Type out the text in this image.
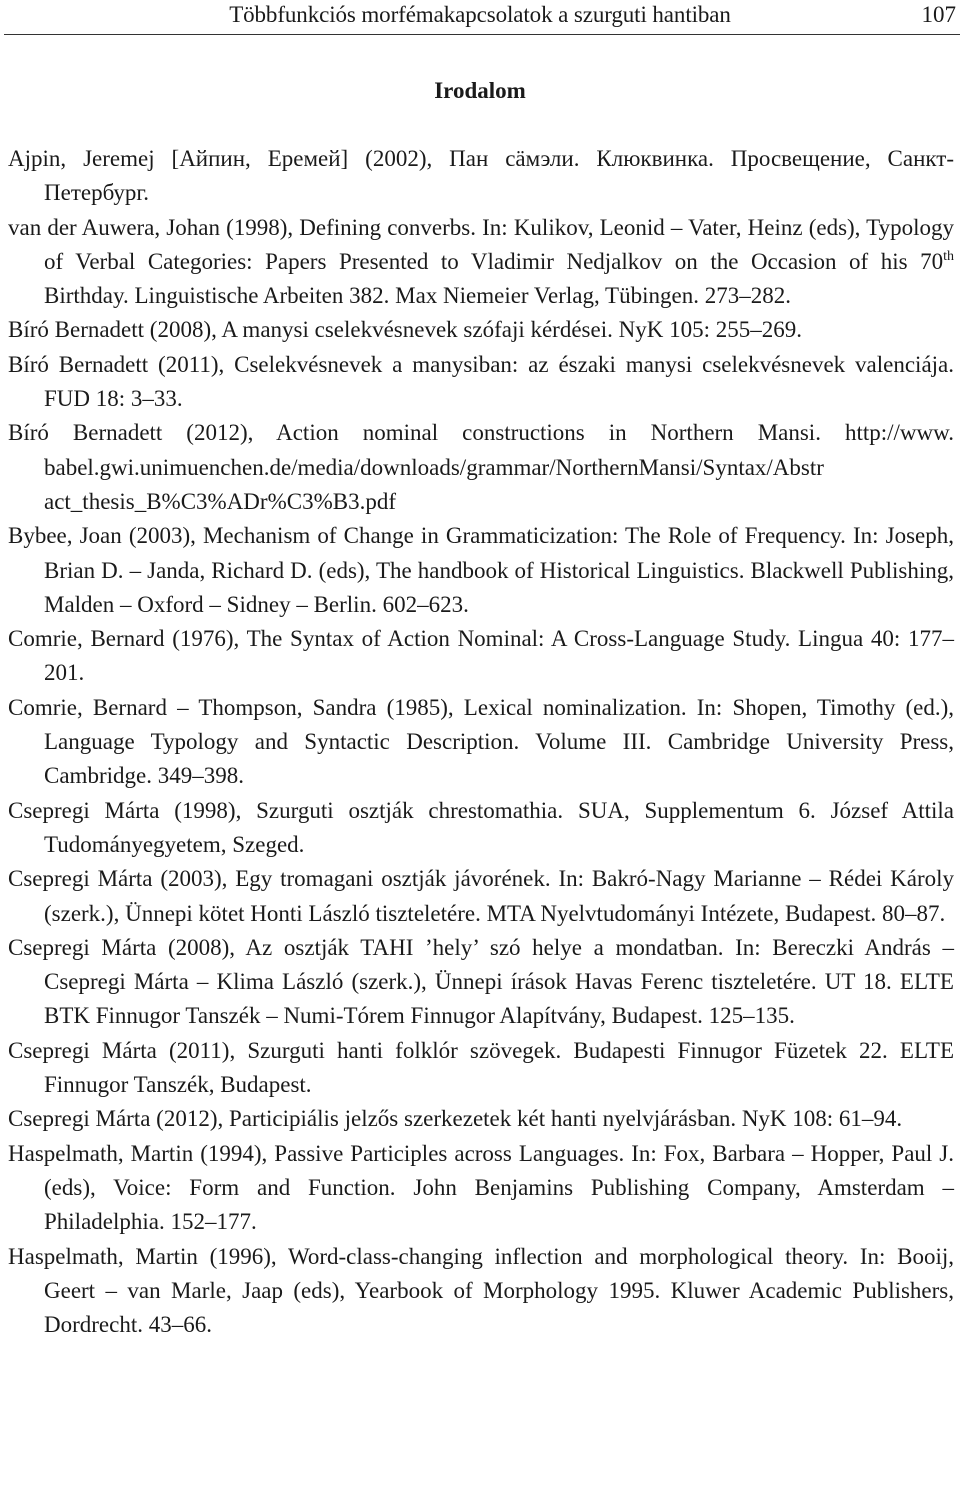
Többfunkciós morfémakapcsolatok a szurguti hantiban	107
Irodalom
Ajpin, Jeremej [Айпин, Еремей] (2002), Пан сäмэли. Клюквинка. Просвещение, Санкт-Петербург.
van der Auwera, Johan (1998), Defining converbs. In: Kulikov, Leonid – Vater, Heinz (eds), Typology of Verbal Categories: Papers Presented to Vladimir Nedjalkov on the Occasion of his 70th Birthday. Linguistische Arbeiten 382. Max Niemeier Verlag, Tübingen. 273–282.
Bíró Bernadett (2008), A manysi cselekvésnevek szófaji kérdései. NyK 105: 255–269.
Bíró Bernadett (2011), Cselekvésnevek a manysiban: az északi manysi cselekvésnevek valenciája. FUD 18: 3–33.
Bíró Bernadett (2012), Action nominal constructions in Northern Mansi. http://www. babel.gwi.unimuenchen.de/media/downloads/grammar/NorthernMansi/Syntax/Abstr act_thesis_B%C3%ADr%C3%B3.pdf
Bybee, Joan (2003), Mechanism of Change in Grammaticization: The Role of Frequency. In: Joseph, Brian D. – Janda, Richard D. (eds), The handbook of Historical Linguistics. Blackwell Publishing, Malden – Oxford – Sidney – Berlin. 602–623.
Comrie, Bernard (1976), The Syntax of Action Nominal: A Cross-Language Study. Lingua 40: 177–201.
Comrie, Bernard – Thompson, Sandra (1985), Lexical nominalization. In: Shopen, Timothy (ed.), Language Typology and Syntactic Description. Volume III. Cambridge University Press, Cambridge. 349–398.
Csepregi Márta (1998), Szurguti osztják chrestomathia. SUA, Supplementum 6. József Attila Tudományegyetem, Szeged.
Csepregi Márta (2003), Egy tromagani osztják jávorének. In: Bakró-Nagy Marianne – Rédei Károly (szerk.), Ünnepi kötet Honti László tiszteletére. MTA Nyelvtudományi Intézete, Budapest. 80–87.
Csepregi Márta (2008), Az osztják TAHI ’hely’ szó helye a mondatban. In: Bereczki András – Csepregi Márta – Klima László (szerk.), Ünnepi írások Havas Ferenc tiszteletére. UT 18. ELTE BTK Finnugor Tanszék – Numi-Tórem Finnugor Alapítvány, Budapest. 125–135.
Csepregi Márta (2011), Szurguti hanti folklór szövegek. Budapesti Finnugor Füzetek 22. ELTE Finnugor Tanszék, Budapest.
Csepregi Márta (2012), Participiális jelzős szerkezetek két hanti nyelvjárásban. NyK 108: 61–94.
Haspelmath, Martin (1994), Passive Participles across Languages. In: Fox, Barbara – Hopper, Paul J. (eds), Voice: Form and Function. John Benjamins Publishing Company, Amsterdam – Philadelphia. 152–177.
Haspelmath, Martin (1996), Word-class-changing inflection and morphological theory. In: Booij, Geert – van Marle, Jaap (eds), Yearbook of Morphology 1995. Kluwer Academic Publishers, Dordrecht. 43–66.
